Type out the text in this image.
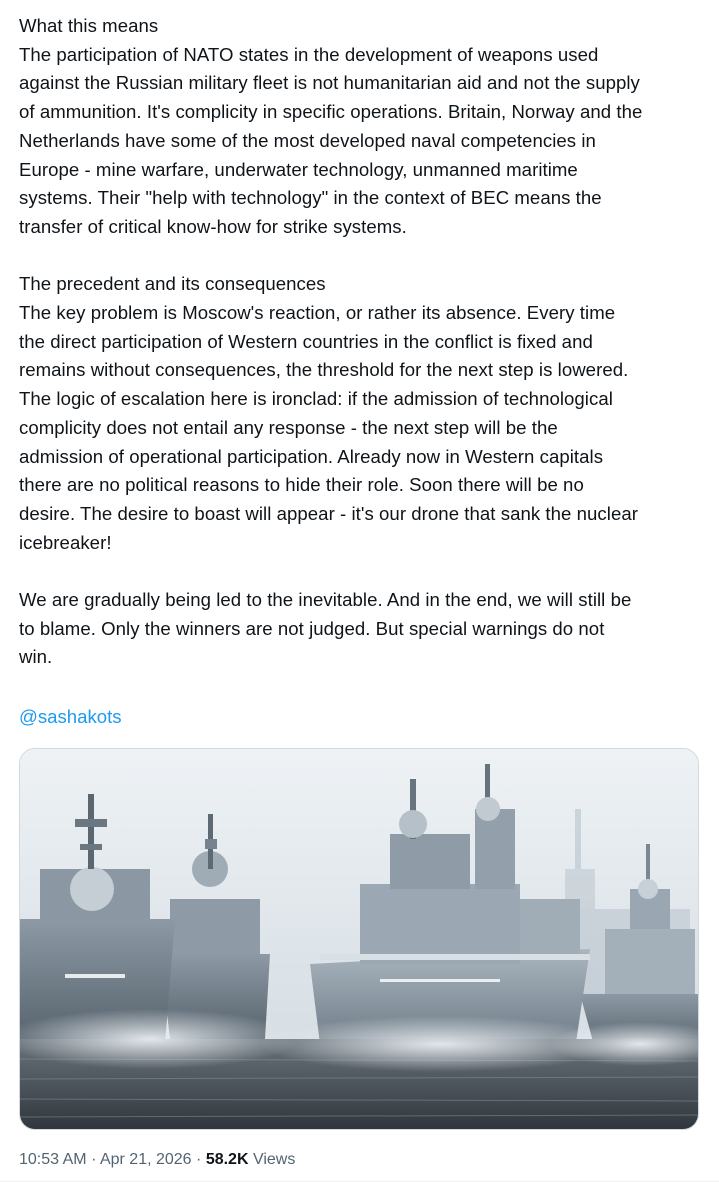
What this means
The participation of NATO states in the development of weapons used
against the Russian military fleet is not humanitarian aid and not the supply
of ammunition. It's complicity in specific operations. Britain, Norway and the
Netherlands have some of the most developed naval competencies in
Europe - mine warfare, underwater technology, unmanned maritime
systems. Their "help with technology" in the context of BEC means the
transfer of critical know-how for strike systems.
The precedent and its consequences
The key problem is Moscow's reaction, or rather its absence. Every time
the direct participation of Western countries in the conflict is fixed and
remains without consequences, the threshold for the next step is lowered.
The logic of escalation here is ironclad: if the admission of technological
complicity does not entail any response - the next step will be the
admission of operational participation. Already now in Western capitals
there are no political reasons to hide their role. Soon there will be no
desire. The desire to boast will appear - it's our drone that sank the nuclear
icebreaker!
We are gradually being led to the inevitable. And in the end, we will still be
to blame. Only the winners are not judged. But special warnings do not
win.

@sashakots
10:53 AM · Apr 21, 2026 · 58.2K Views
